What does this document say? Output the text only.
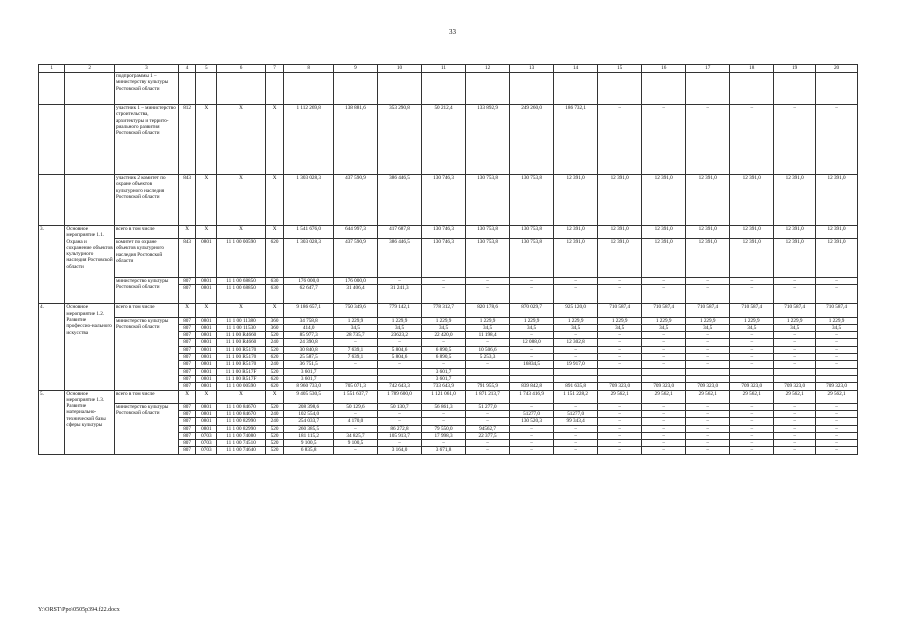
33
1	2	3	4	5	6	7	8	9	10	11	12	13	14	15	16	17	18	19	20
		подпрограммы 1 – министерству культуры Ростовской области																	
		участник 1 – министерство строительства, архитектуры и террито-риального развития Ростовской области	812	Х	Х	Х	1 112 269,8	138 881,6	353 290,8	50 212,4	133 892,9	249 260,0	186 732,1	–	–	–	–	–	–
		участник 2 комитет по охране объектов культурного наследия Ростовской области	843	Х	Х	Х	1 303 028,3	437 590,9	386 446,5	130 746,3	130 753,8	130 753,8	12 391,0	12 391,0	12 391,0	12 391,0	12 391,0	12 391,0	12 391,0
3.	Основное мероприятие 1.1. Охрана и сохранение объектов культурного наследия Ростовской области	всего в том числе	Х	Х	Х	Х	1 541 676,0	644 997,3	417 687,8	130 746,3	130 753,8	130 753,8	12 391,0	12 391,0	12 391,0	12 391,0	12 391,0	12 391,0	12 391,0
		комитет по охране объектов культурного наследия Ростовской области	843	0801	11 1 00 00590	620	1 303 028,3	437 590,9	386 446,5	130 746,3	130 753,8	130 753,8	12 391,0	12 391,0	12 391,0	12 391,0	12 391,0	12 391,0	12 391,0
		министерство культуры Ростовской области	807	0801	11 1 00 68850	630	176 000,0	176 000,0	–	–	–	–	–	–	–	–	–	–	–
			807	0801	11 1 00 68850	630	62 647,7	31 406,4	31 241,3	–	–	–	–	–	–	–	–	–	–
4.	Основное мероприятие 1.2. Развитие профессио-нального искусства	всего в том числе	Х	Х	Х	Х	9 186 657,1	750 349,6	779 142,1	778 312,7	820 178,6	870 029,7	925 120,0	710 587,4	710 587,4	710 587,4	710 587,4	710 587,4	710 587,4
		министерство культуры Ростовской области	807	0801	11 1 00 11380	360	34 758,8	1 229,9	1 229,9	1 229,9	1 229,9	1 229,9	1 229,9	1 229,9	1 229,9	1 229,9	1 229,9	1 229,9	1 229,9
			807	0801	11 1 00 11530	360	414,0	34,5	34,5	34,5	34,5	34,5	34,5	34,5	34,5	34,5	34,5	34,5	34,5
			807	0801	11 1 00 R4660	520	85 977,3	28 735,7	23623,2	22 420,0	11 198,4	–	–	–	–	–	–	–	–
			807	0801	11 1 00 R4660	240	24 390,8	–	–	–	–	12 088,0	12 302,8	–	–	–	–	–	–
			807	0801	11 1 00 R5170	520	30 840,8	7 639,1	5 804,6	6 890,5	10 506,6	–	–	–	–	–	–	–	–
			807	0801	11 1 00 R5170	620	25 587,5	7 639,1	5 804,6	6 890,5	5 253,3	–	–	–	–	–	–	–	–
			807	0801	11 1 00 R5170	240	36 751,5	–	–	–	–	16834,5	19 917,0	–	–	–	–	–	–
			807	0801	11 1 00 R517F	520	3 601,7			3 601,7									
			807	0801	11 1 00 R517F	620	3 601,7			3 601,7									
			807	0801	11 1 00 00590	620	8 960 733,0	705 071,3	742 643,3	733 643,9	791 955,9	839 842,8	891 635,8	709 323,0	709 323,0	709 323,0	709 323,0	709 323,0	709 323,0
5.	Основное мероприятие 1.3. Развитие материально-технической базы сферы культуры	всего в том числе	Х	Х	Х	Х	9 405 530,5	1 551 637,7	1 789 600,0	1 121 061,0	1 871 213,7	1 743 416,9	1 151 228,2	29 562,1	29 562,1	29 562,1	29 562,1	29 562,1	29 562,1
		министерство культуры Ростовской области	807	0801	11 1 00 84670	520	208 398,6	50 129,6	50 130,7	56 861,3	51 277,0	–	–	–	–	–	–	–	–
			807	0801	11 1 00 84670	240	102 554,0	–	–	–	–	51277,0	51277,0	–	–	–	–	–	–
			807	0801	11 1 00 82990	240	254 033,7	4 170,0	–	–	–	130 520,3	99 343,4	–	–	–	–	–	–
			807	0801	11 1 00 82990	520	260 385,5	–	86 272,8	79 550,0	94562,7	–	–	–	–	–	–	–	–
			807	0703	11 1 00 74080	520	181 115,2	34 825,7	105 913,7	17 998,3	22 377,5	–	–	–	–	–	–	–	–
			807	0703	11 1 00 74510	520	9 100,5	9 100,5	–	–	–	–	–	–	–	–	–	–	–
			807	0703	11 1 00 74640	520	6 835,8	–	3 164,0	3 671,8	–	–	–	–	–	–	–	–	–
Y:\ORST\Ppo\0505p394.f22.docx
